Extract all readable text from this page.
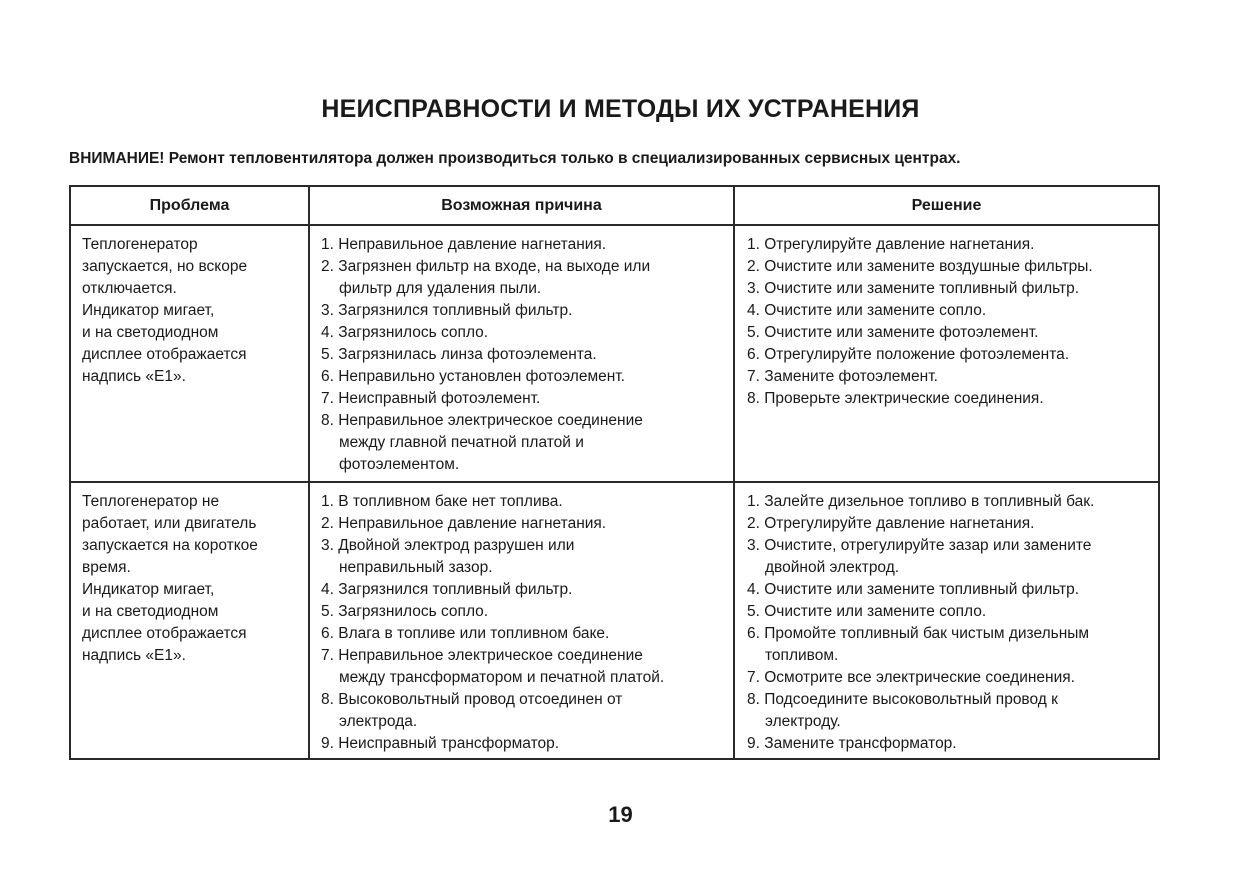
НЕИСПРАВНОСТИ И МЕТОДЫ ИХ УСТРАНЕНИЯ
ВНИМАНИЕ! Ремонт тепловентилятора должен производиться только в специализированных сервисных центрах.
Проблема	Возможная причина	Решение
Теплогенератор
запускается, но вскоре
отключается.
Индикатор мигает,
и на светодиодном
дисплее отображается
надпись «E1».
1. Неправильное давление нагнетания.
2. Загрязнен фильтр на входе, на выходе или
фильтр для удаления пыли.
3. Загрязнился топливный фильтр.
4. Загрязнилось сопло.
5. Загрязнилась линза фотоэлемента.
6. Неправильно установлен фотоэлемент.
7. Неисправный фотоэлемент.
8. Неправильное электрическое соединение
между главной печатной платой и
фотоэлементом.
1. Отрегулируйте давление нагнетания.
2. Очистите или замените воздушные фильтры.
3. Очистите или замените топливный фильтр.
4. Очистите или замените сопло.
5. Очистите или замените фотоэлемент.
6. Отрегулируйте положение фотоэлемента.
7. Замените фотоэлемент.
8. Проверьте электрические соединения.
Теплогенератор не
работает, или двигатель
запускается на короткое
время.
Индикатор мигает,
и на светодиодном
дисплее отображается
надпись «E1».
1. В топливном баке нет топлива.
2. Неправильное давление нагнетания.
3. Двойной электрод разрушен или
неправильный зазор.
4. Загрязнился топливный фильтр.
5. Загрязнилось сопло.
6. Влага в топливе или топливном баке.
7. Неправильное электрическое соединение
между трансформатором и печатной платой.
8. Высоковольтный провод отсоединен от
электрода.
9. Неисправный трансформатор.
1. Залейте дизельное топливо в топливный бак.
2. Отрегулируйте давление нагнетания.
3. Очистите, отрегулируйте зазар или замените
двойной электрод.
4. Очистите или замените топливный фильтр.
5. Очистите или замените сопло.
6. Промойте топливный бак чистым дизельным
топливом.
7. Осмотрите все электрические соединения.
8. Подсоедините высоковольтный провод к
электроду.
9. Замените трансформатор.
19
